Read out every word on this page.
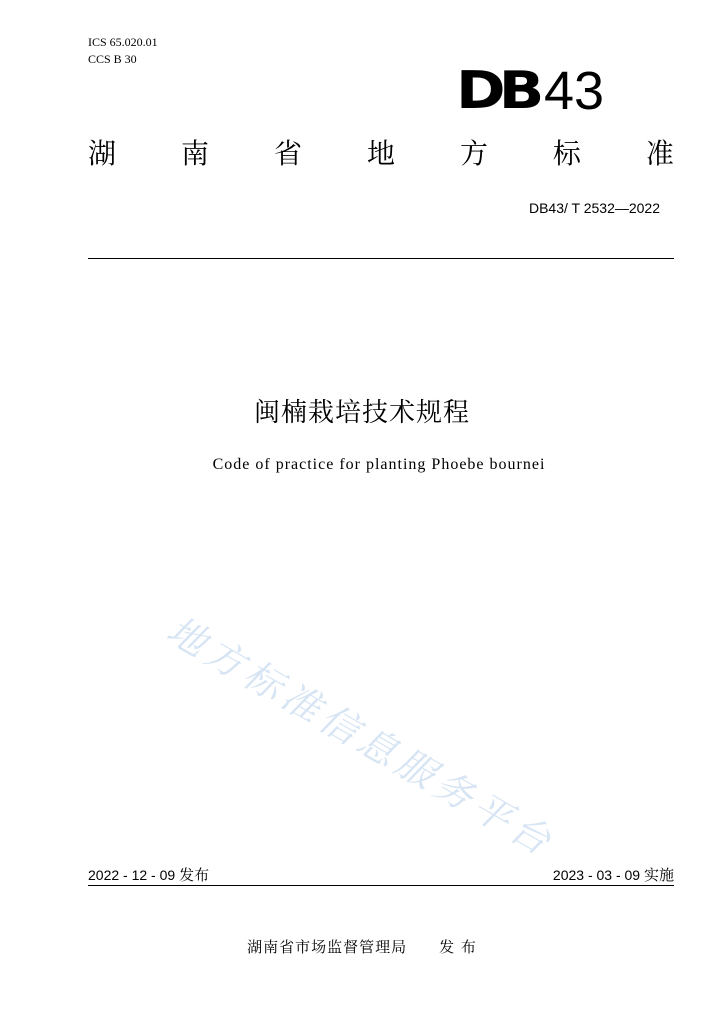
ICS 65.020.01
CCS B 30
DB 43
湖 南 省 地 方 标 准
DB43/ T 2532—2022
闽楠栽培技术规程
Code of practice for planting Phoebe bournei
地方标准信息服务平台
2022 - 12 - 09 发布	2023 - 03 - 09 实施
湖南省市场监督管理局 发 布
